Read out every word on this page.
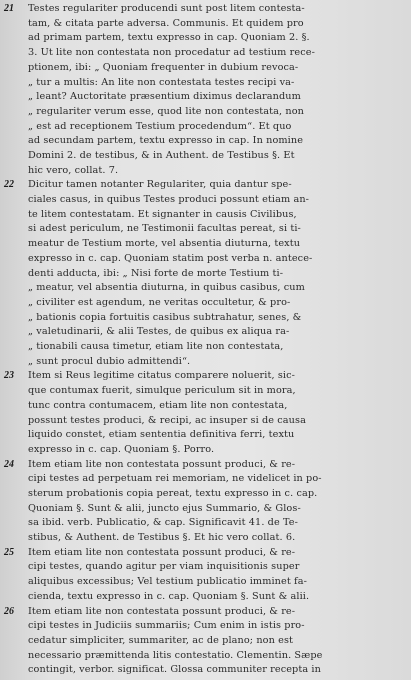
21	Testes regulariter producendi sunt post litem contesta-
tam, & citata parte adversa. Communis. Et quidem pro
ad primam partem, textu expresso in cap. Quoniam 2. §.
3. Ut lite non contestata non procedatur ad testium rece-
ptionem, ibi: „ Quoniam frequenter in dubium revoca-
„ tur a multis: An lite non contestata testes recipi va-
„ leant? Auctoritate præsentium diximus declarandum
„ regulariter verum esse, quod lite non contestata, non
„ est ad receptionem Testium procedendum“. Et quo
ad secundam partem, textu expresso in cap. In nomine
Domini 2. de testibus, & in Authent. de Testibus §. Et
hic vero, collat. 7.
22	Dicitur tamen notanter Regulariter, quia dantur spe-
ciales casus, in quibus Testes produci possunt etiam an-
te litem contestatam. Et signanter in causis Civilibus,
si adest periculum, ne Testimonii facultas pereat, si ti-
meatur de Testium morte, vel absentia diuturna, textu
expresso in c. cap. Quoniam statim post verba n. antece-
denti adducta, ibi: „ Nisi forte de morte Testium ti-
„ meatur, vel absentia diuturna, in quibus casibus, cum
„ civiliter est agendum, ne veritas occultetur, & pro-
„ bationis copia fortuitis casibus subtrahatur, senes, &
„ valetudinarii, & alii Testes, de quibus ex aliqua ra-
„ tionabili causa timetur, etiam lite non contestata,
„ sunt procul dubio admittendi“.
23	Item si Reus legitime citatus comparere noluerit, sic-
que contumax fuerit, simulque periculum sit in mora,
tunc contra contumacem, etiam lite non contestata,
possunt testes produci, & recipi, ac insuper si de causa
liquido constet, etiam sententia definitiva ferri, textu
expresso in c. cap. Quoniam §. Porro.
24	Item etiam lite non contestata possunt produci, & re-
cipi testes ad perpetuam rei memoriam, ne videlicet in po-
sterum probationis copia pereat, textu expresso in c. cap.
Quoniam §. Sunt & alii, juncto ejus Summario, & Glos-
sa ibid. verb. Publicatio, & cap. Significavit 41. de Te-
stibus, & Authent. de Testibus §. Et hic vero collat. 6.
25	Item etiam lite non contestata possunt produci, & re-
cipi testes, quando agitur per viam inquisitionis super
aliquibus excessibus; Vel testium publicatio imminet fa-
cienda, textu expresso in c. cap. Quoniam §. Sunt & alii.
26	Item etiam lite non contestata possunt produci, & re-
cipi testes in Judiciis summariis; Cum enim in istis pro-
cedatur simpliciter, summariter, ac de plano; non est
necessario præmittenda litis contestatio. Clementin. Sæpe
contingit, verbor. significat. Glossa communiter recepta in
